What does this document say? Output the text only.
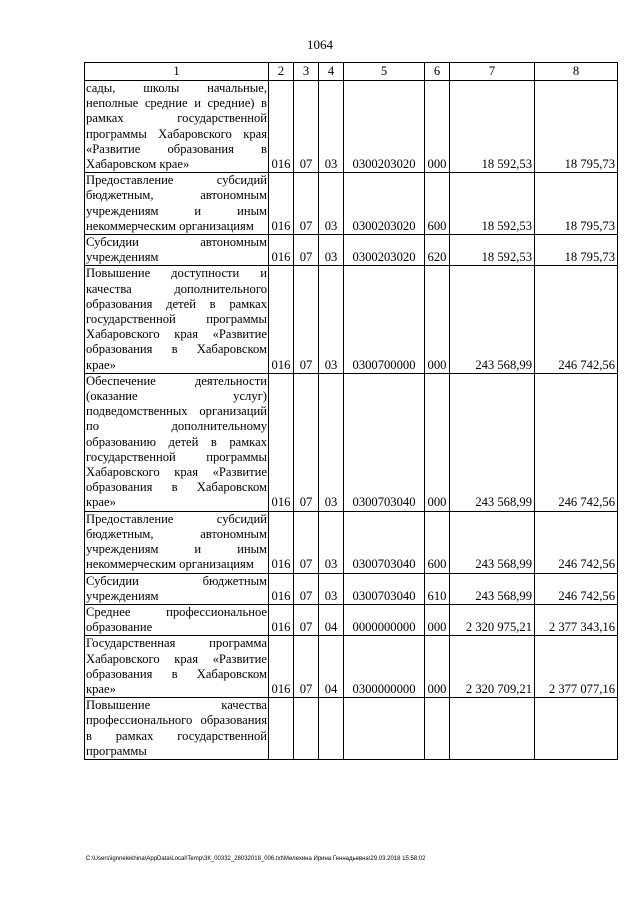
1064
1	2	3	4	5	6	7	8
сады, школы начальные, неполные средние и средние) в рамках государственной программы Хабаровского края «Развитие образования в Хабаровском крае»	016	07	03	0300203020	000	18 592,53	18 795,73
Предоставление субсидий бюджетным, автономным учреждениям и иным некоммерческим организациям	016	07	03	0300203020	600	18 592,53	18 795,73
Субсидии автономным учреждениям	016	07	03	0300203020	620	18 592,53	18 795,73
Повышение доступности и качества дополнительного образования детей в рамках государственной программы Хабаровского края «Развитие образования в Хабаровском крае»	016	07	03	0300700000	000	243 568,99	246 742,56
Обеспечение деятельности (оказание услуг) подведомственных организаций по дополнительному образованию детей в рамках государственной программы Хабаровского края «Развитие образования в Хабаровском крае»	016	07	03	0300703040	000	243 568,99	246 742,56
Предоставление субсидий бюджетным, автономным учреждениям и иным некоммерческим организациям	016	07	03	0300703040	600	243 568,99	246 742,56
Субсидии бюджетным учреждениям	016	07	03	0300703040	610	243 568,99	246 742,56
Среднее профессиональное образование	016	07	04	0000000000	000	2 320 975,21	2 377 343,16
Государственная программа Хабаровского края «Развитие образования в Хабаровском крае»	016	07	04	0300000000	000	2 320 709,21	2 377 077,16
Повышение качества профессионального образования в рамках государственной программы							
C:\Users\ignnelekhina\AppData\Local\Temp\ЗК_00332_28032018_006.txt\Мелехина Ирина Геннадьевна\29.03.2018 15:58:02
